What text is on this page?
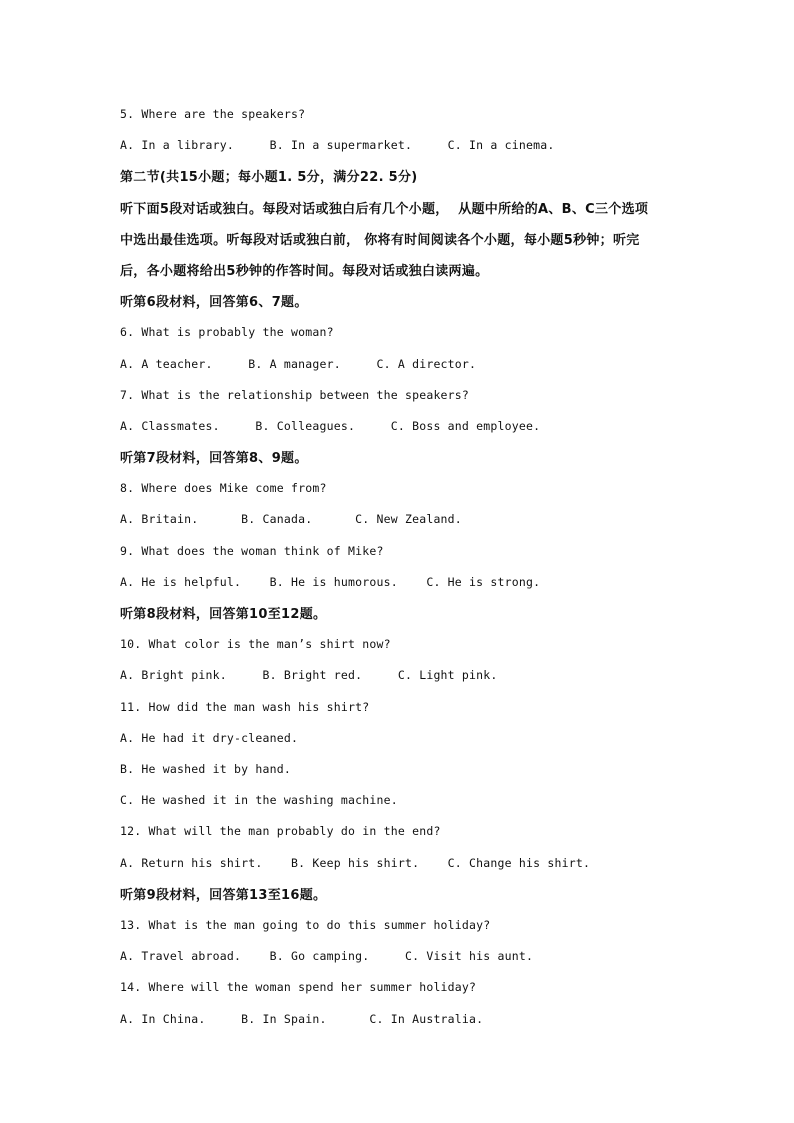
5. Where are the speakers?
A. In a library.     B. In a supermarket.     C. In a cinema.
第二节(共15小题；每小题1. 5分，满分22. 5分)
听下面5段对话或独白。每段对话或独白后有几个小题，  从题中所给的A、B、C三个选项
中选出最佳选项。听每段对话或独白前， 你将有时间阅读各个小题，每小题5秒钟；听完
后，各小题将给出5秒钟的作答时间。每段对话或独白读两遍。
听第6段材料，回答第6、7题。
6. What is probably the woman?
A. A teacher.     B. A manager.     C. A director.
7. What is the relationship between the speakers?
A. Classmates.     B. Colleagues.     C. Boss and employee.
听第7段材料，回答第8、9题。
8. Where does Mike come from?
A. Britain.      B. Canada.      C. New Zealand.
9. What does the woman think of Mike?
A. He is helpful.    B. He is humorous.    C. He is strong.
听第8段材料，回答第10至12题。
10. What color is the man’s shirt now?
A. Bright pink.     B. Bright red.     C. Light pink.
11. How did the man wash his shirt?
A. He had it dry-cleaned.
B. He washed it by hand.
C. He washed it in the washing machine.
12. What will the man probably do in the end?
A. Return his shirt.    B. Keep his shirt.    C. Change his shirt.
听第9段材料，回答第13至16题。
13. What is the man going to do this summer holiday?
A. Travel abroad.    B. Go camping.     C. Visit his aunt.
14. Where will the woman spend her summer holiday?
A. In China.     B. In Spain.      C. In Australia.
